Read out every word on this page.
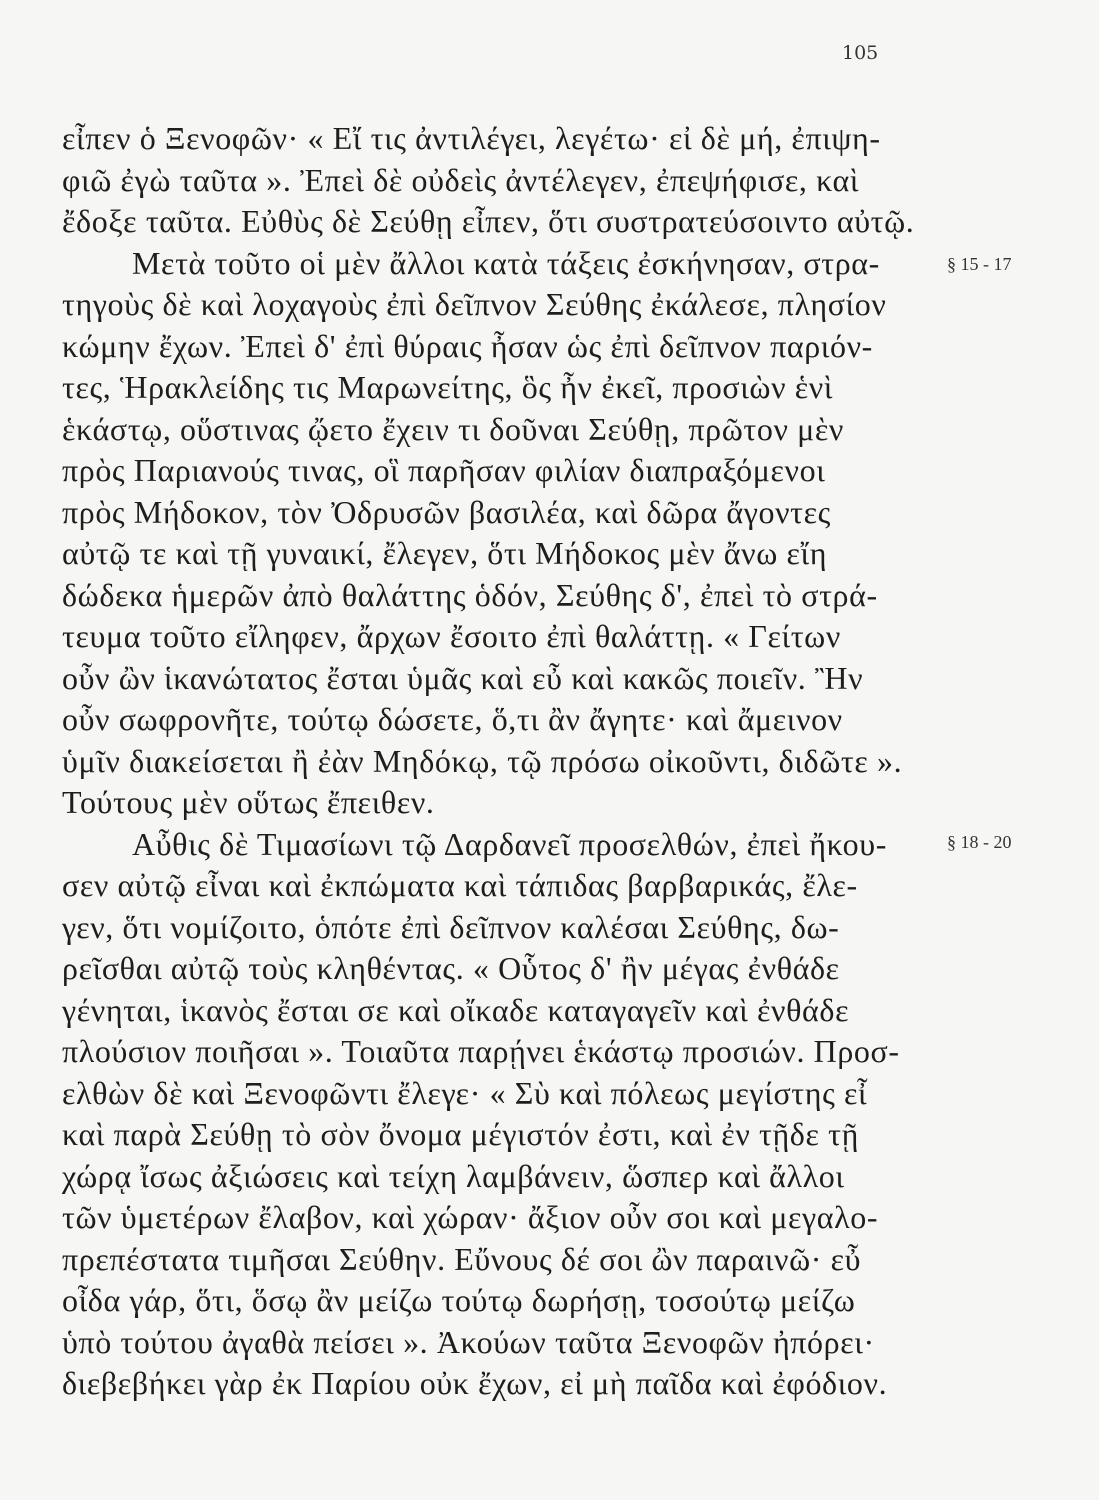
105
§ 15 - 17
§ 18 - 20
εἶπεν ὁ Ξενοφῶν· « Εἴ τις ἀντιλέγει, λεγέτω· εἰ δὲ μή, ἐπιψη-
φιῶ ἐγὼ ταῦτα ». Ἐπεὶ δὲ οὐδεὶς ἀντέλεγεν, ἐπεψήφισε, καὶ
ἔδοξε ταῦτα. Εὐθὺς δὲ Σεύθῃ εἶπεν, ὅτι συστρατεύσοιντο αὐτῷ.
Μετὰ τοῦτο οἱ μὲν ἄλλοι κατὰ τάξεις ἐσκήνησαν, στρα-
τηγοὺς δὲ καὶ λοχαγοὺς ἐπὶ δεῖπνον Σεύθης ἐκάλεσε, πλησίον
κώμην ἔχων. Ἐπεὶ δ' ἐπὶ θύραις ἦσαν ὡς ἐπὶ δεῖπνον παριόν-
τες, Ἡρακλείδης τις Μαρωνείτης, ὃς ἦν ἐκεῖ, προσιὼν ἑνὶ
ἑκάστῳ, οὕστινας ᾤετο ἔχειν τι δοῦναι Σεύθῃ, πρῶτον μὲν
πρὸς Παριανούς τινας, οἳ παρῆσαν φιλίαν διαπραξόμενοι
πρὸς Μήδοκον, τὸν Ὀδρυσῶν βασιλέα, καὶ δῶρα ἄγοντες
αὐτῷ τε καὶ τῇ γυναικί, ἔλεγεν, ὅτι Μήδοκος μὲν ἄνω εἴη
δώδεκα ἡμερῶν ἀπὸ θαλάττης ὁδόν, Σεύθης δ', ἐπεὶ τὸ στρά-
τευμα τοῦτο εἴληφεν, ἄρχων ἔσοιτο ἐπὶ θαλάττῃ. « Γείτων
οὖν ὢν ἱκανώτατος ἔσται ὑμᾶς καὶ εὖ καὶ κακῶς ποιεῖν. Ἢν
οὖν σωφρονῆτε, τούτῳ δώσετε, ὅ,τι ἂν ἄγητε· καὶ ἄμεινον
ὑμῖν διακείσεται ἢ ἐὰν Μηδόκῳ, τῷ πρόσω οἰκοῦντι, διδῶτε ».
Τούτους μὲν οὕτως ἔπειθεν.
Αὖθις δὲ Τιμασίωνι τῷ Δαρδανεῖ προσελθών, ἐπεὶ ἤκου-
σεν αὐτῷ εἶναι καὶ ἐκπώματα καὶ τάπιδας βαρβαρικάς, ἔλε-
γεν, ὅτι νομίζοιτο, ὁπότε ἐπὶ δεῖπνον καλέσαι Σεύθης, δω-
ρεῖσθαι αὐτῷ τοὺς κληθέντας. « Οὗτος δ' ἢν μέγας ἐνθάδε
γένηται, ἱκανὸς ἔσται σε καὶ οἴκαδε καταγαγεῖν καὶ ἐνθάδε
πλούσιον ποιῆσαι ». Τοιαῦτα παρῄνει ἑκάστῳ προσιών. Προσ-
ελθὼν δὲ καὶ Ξενοφῶντι ἔλεγε· « Σὺ καὶ πόλεως μεγίστης εἶ
καὶ παρὰ Σεύθῃ τὸ σὸν ὄνομα μέγιστόν ἐστι, καὶ ἐν τῇδε τῇ
χώρᾳ ἴσως ἀξιώσεις καὶ τείχη λαμβάνειν, ὥσπερ καὶ ἄλλοι
τῶν ὑμετέρων ἔλαβον, καὶ χώραν· ἄξιον οὖν σοι καὶ μεγαλο-
πρεπέστατα τιμῆσαι Σεύθην. Εὔνους δέ σοι ὢν παραινῶ· εὖ
οἶδα γάρ, ὅτι, ὅσῳ ἂν μείζω τούτῳ δωρήσῃ, τοσούτῳ μείζω
ὑπὸ τούτου ἀγαθὰ πείσει ». Ἀκούων ταῦτα Ξενοφῶν ἠπόρει·
διεβεβήκει γὰρ ἐκ Παρίου οὐκ ἔχων, εἰ μὴ παῖδα καὶ ἐφόδιον.
